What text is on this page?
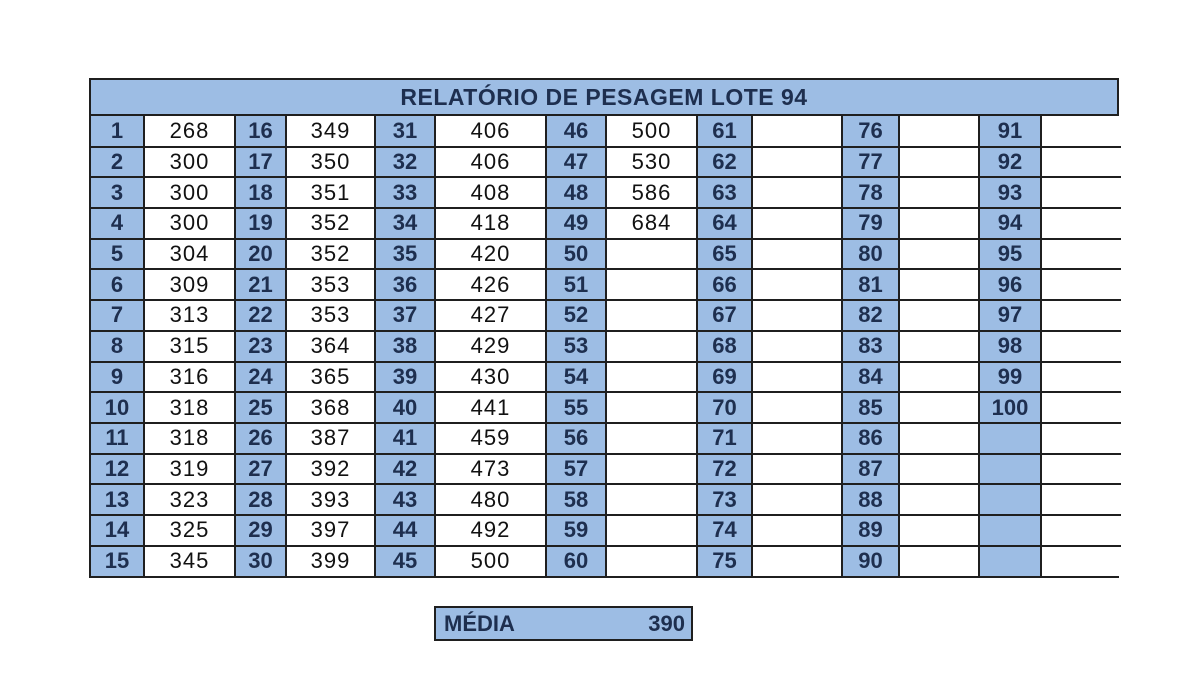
RELATÓRIO DE PESAGEM LOTE 94
1	268	16	349	31	406	46	500	61		76		91	
2	300	17	350	32	406	47	530	62		77		92	
3	300	18	351	33	408	48	586	63		78		93	
4	300	19	352	34	418	49	684	64		79		94	
5	304	20	352	35	420	50		65		80		95	
6	309	21	353	36	426	51		66		81		96	
7	313	22	353	37	427	52		67		82		97	
8	315	23	364	38	429	53		68		83		98	
9	316	24	365	39	430	54		69		84		99	
10	318	25	368	40	441	55		70		85		100	
11	318	26	387	41	459	56		71		86			
12	319	27	392	42	473	57		72		87			
13	323	28	393	43	480	58		73		88			
14	325	29	397	44	492	59		74		89			
15	345	30	399	45	500	60		75		90			
MÉDIA	390
